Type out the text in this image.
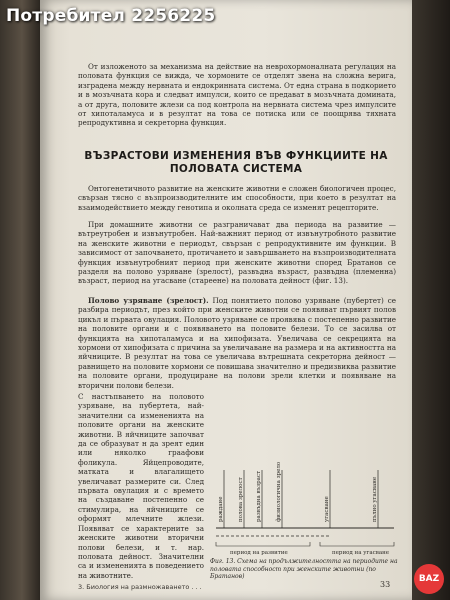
От изложеното за механизма на действие на неврохормоналната регулация на половата функция се вижда, че хормоните се отделят звена на сложна верига, изградена между нервната и ендокринната система. От една страна в подкорието и в мозъчната кора и следват импулси, които се предават в мозъчната домината, а от друга, половите жлези са под контрола на нервната система чрез импулсите от хипоталамуса и в резултат на това се потиска или се поощрява тяхната репродуктивна и секреторна функция.

ВЪЗРАСТОВИ ИЗМЕНЕНИЯ ВЪВ ФУНКЦИИТЕ НА ПОЛОВАТА СИСТЕМА

Онтогенетичното развитие на женските животни е сложен биологичен процес, свързан тясно с възпроизводителните им способности, при което в резултат на взаимодействието между генотипа и околната среда се изменят рецепторите.

При домашните животни се разграничават два периода на развитие — вътреутробен и извънутробен. Най-важният период от извънутробното развитие на женските животни е периодът, свързан с репродуктивните им функции. В зависимост от започването, протичането и завършването на възпроизводителната функция извънутробният период при женските животни според Братанов се разделя на полово узряване (зрелост), развъдна възраст, развъдна (племенна) възраст, период на угасване (стареене) на половата дейност (фиг. 13).

Полово узряване (зрелост). Под понятието полово узряване (пубертет) се разбира периодът, през който при женските животни се появяват първият полов цикъл и първата овулация. Половото узряване се проявява с постепенно развитие на половите органи и с появяването на половите белези. То се засилва от функцията на хипоталамуса и на хипофизата. Увеличава се секрецията на хормони от хипофизата с причина за увеличаване на размера и на активността на яйчниците. В резултат на това се увеличава вътрешната секреторна дейност — равнището на половите хормони се повишава значително и предизвиква развитие на половите органи, продуциране на полови зрели клетки и появяване на вторични полови белези.

С настъпването на половото узряване, на пубертета, най-значителни са измененията на половите органи на женските животни. В яйчниците започват да се образуват н да зреят един или няколко граафови фоликула. Яйцепроводите, матката и влагалището увеличават размерите си. След първата овулация и с времето на създаване постепенно се стимулира, на яйчниците се оформят млечните жлези. Появяват се характерните за женските животни вторични полови белези, и т. нар. половата дейност. Значителни са и измененията в поведението на животните.

раждане	полова зрелост развъдна възраст	физиологична зрелост	угасване	пълно угасване
период на развитие	период на угасване

Фиг. 13. Схема на продължителността на периодите на половата способност при женските животни (по Братанов)

3. Биология на размножаването . . .	33
Потребител 2256225
BAZ
